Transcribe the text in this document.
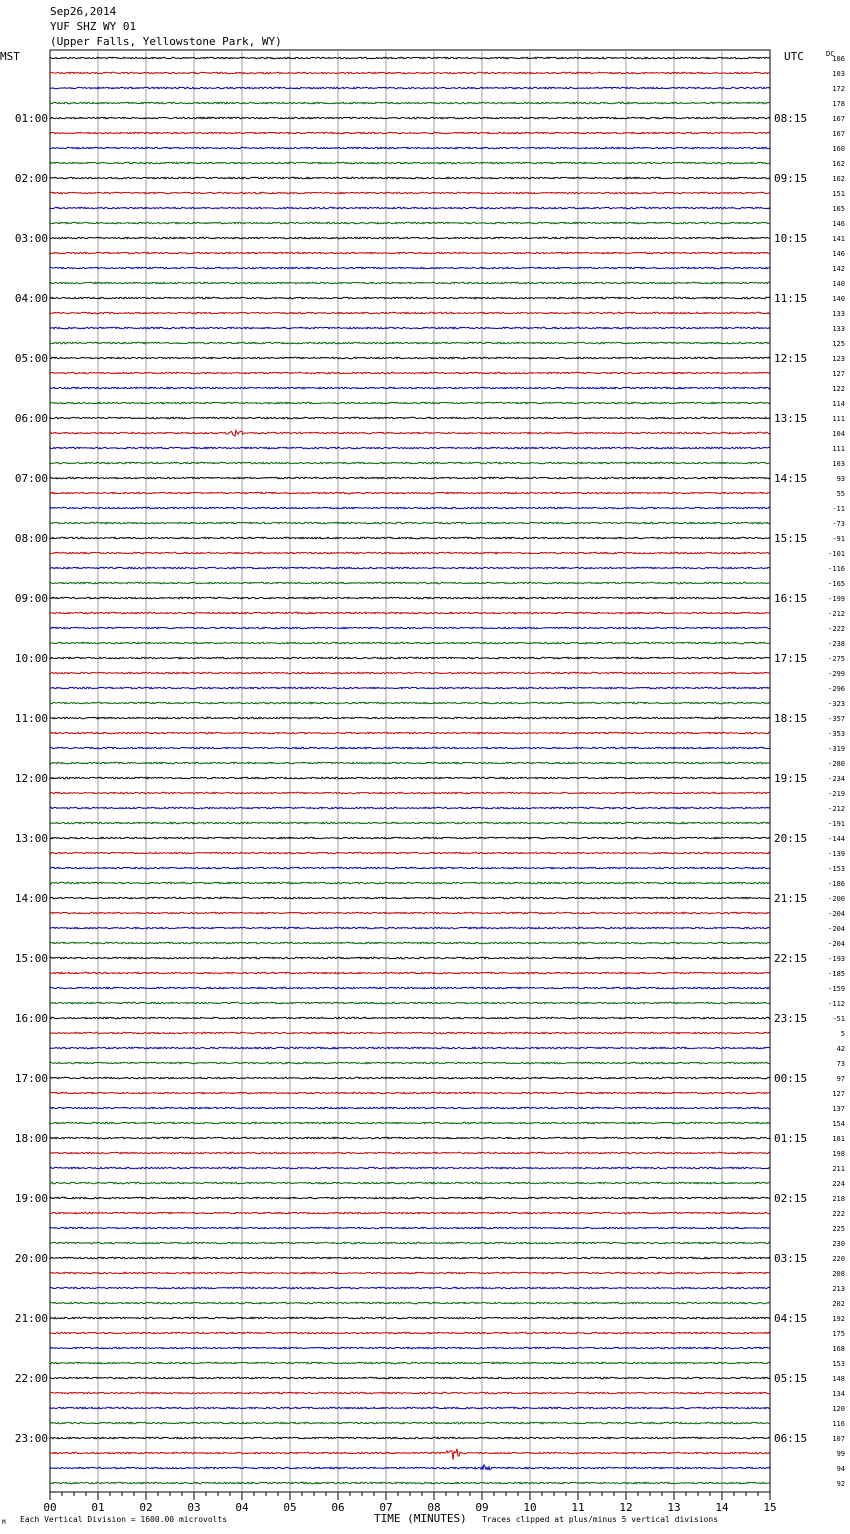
Sep26,2014
YUF SHZ WY 01
(Upper Falls, Yellowstone Park, WY)
MST	UTC	DC
106
103
172
178
167
167
160
162
162
151
165
146
141
146
142
140
140
133
133
125
123
127
122
114
111
104
111
103
93
55
-11
-73
-91
-101
-116
-165
-199
-212
-222
-238
-275
-299
-296
-323
-357
-353
-319
-280
-234
-219
-212
-191
-144
-139
-153
-186
-200
-204
-204
-204
-193
-185
-159
-112
-51
5
42
73
97
127
137
154
181
198
211
224
218
222
225
230
220
208
213
202
192
175
168
153
148
134
120
116
107
99
94
92
01:00
02:00
03:00
04:00
05:00
06:00
07:00
08:00
09:00
10:00
11:00
12:00
13:00
14:00
15:00
16:00
17:00
18:00
19:00
20:00
21:00
22:00
23:00
08:15
09:15
10:15
11:15
12:15
13:15
14:15
15:15
16:15
17:15
18:15
19:15
20:15
21:15
22:15
23:15
00:15
01:15
02:15
03:15
04:15
05:15
06:15
00	01	02	03	04	05	06	07	08	09	10	11	12	13	14	15
M Each Vertical Division = 1600.00 microvolts	TIME (MINUTES) Traces clipped at plus/minus 5 vertical divisions
